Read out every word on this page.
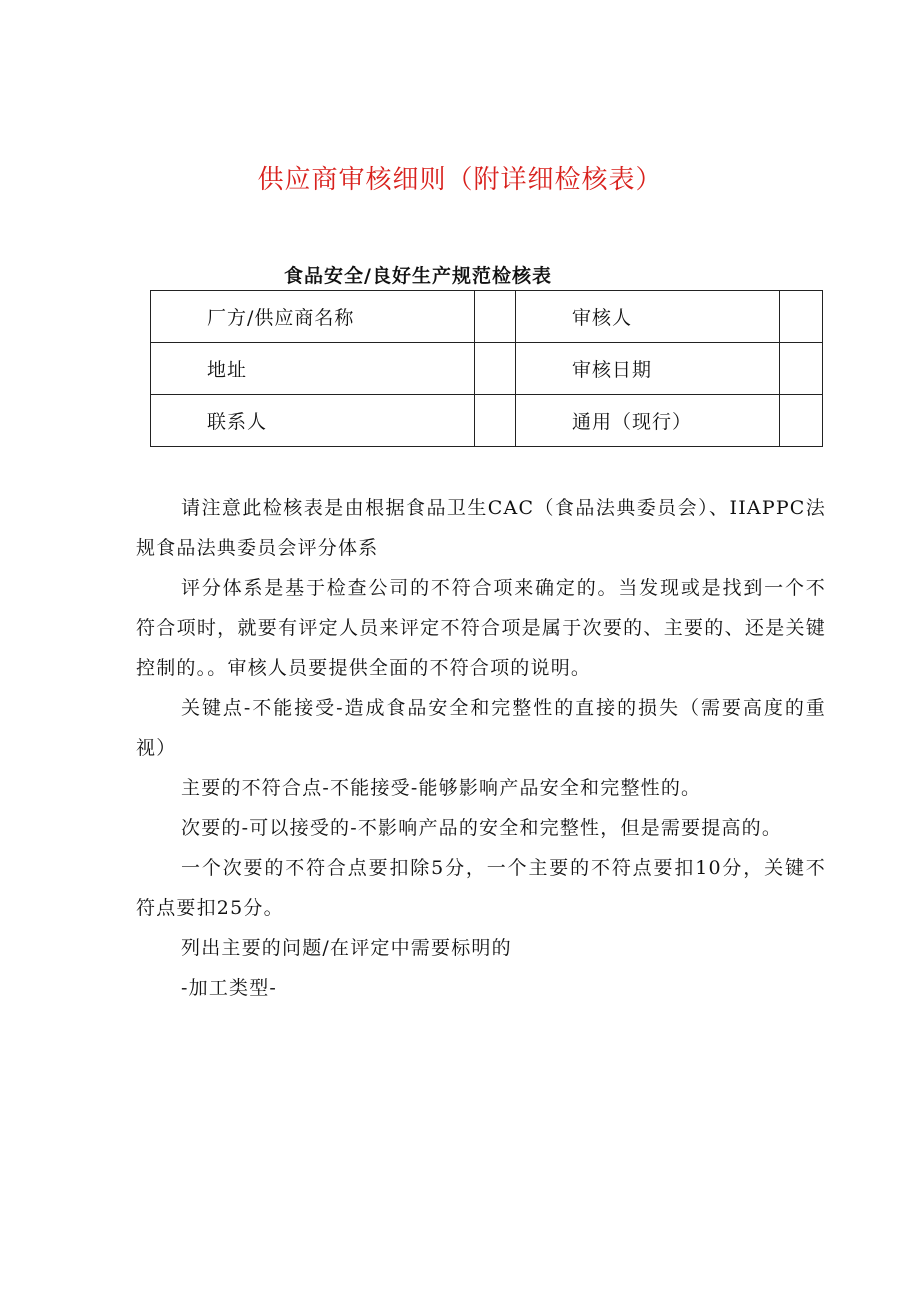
供应商审核细则（附详细检核表）
食品安全/良好生产规范检核表
厂方/供应商名称		审核人	
地址		审核日期	
联系人		通用（现行）	

请注意此检核表是由根据食品卫生CAC（食品法典委员会）、IIAPPC法规食品法典委员会评分体系

评分体系是基于检查公司的不符合项来确定的。当发现或是找到一个不符合项时，就要有评定人员来评定不符合项是属于次要的、主要的、还是关键控制的。。审核人员要提供全面的不符合项的说明。

关键点-不能接受-造成食品安全和完整性的直接的损失（需要高度的重视）

主要的不符合点-不能接受-能够影响产品安全和完整性的。

次要的-可以接受的-不影响产品的安全和完整性，但是需要提高的。

一个次要的不符合点要扣除5分，一个主要的不符点要扣10分，关键不符点要扣25分。

列出主要的问题/在评定中需要标明的

-加工类型-
